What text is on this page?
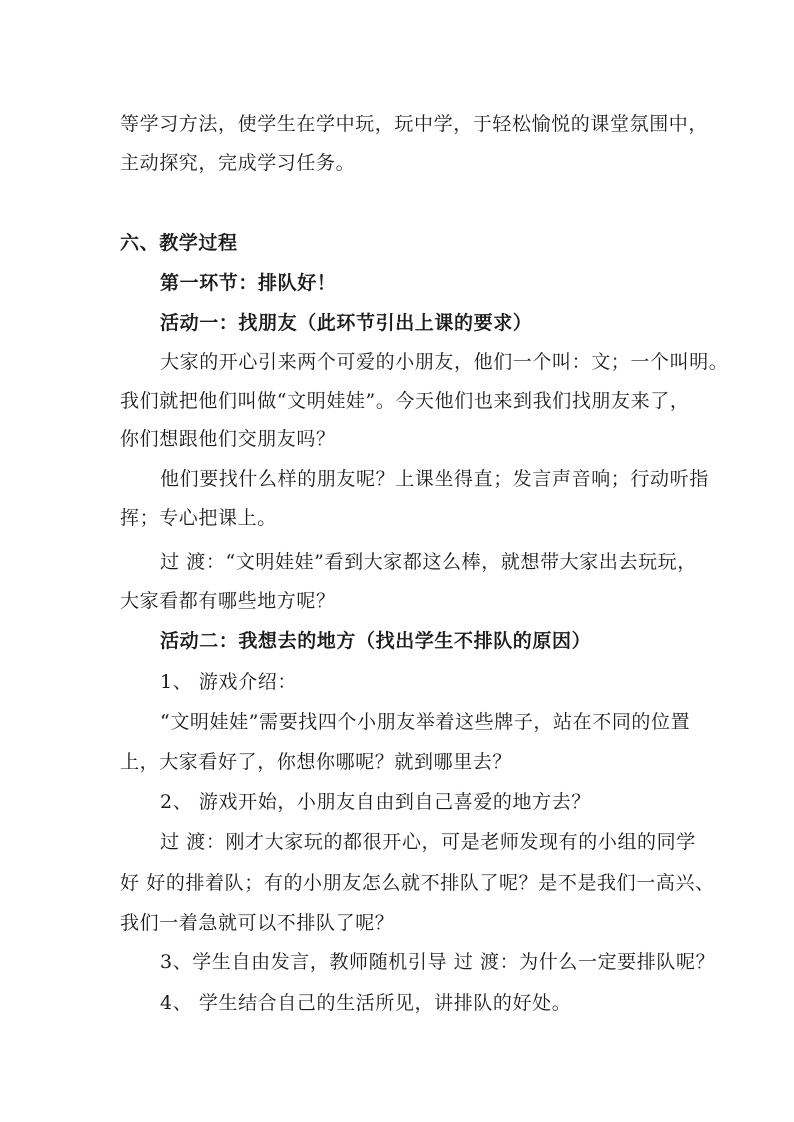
等学习方法，使学生在学中玩，玩中学，于轻松愉悦的课堂氛围中，
主动探究，完成学习任务。
六、教学过程
第一环节：排队好！
活动一：找朋友（此环节引出上课的要求）
大家的开心引来两个可爱的小朋友，他们一个叫：文；一个叫明。
我们就把他们叫做“文明娃娃”。今天他们也来到我们找朋友来了，
你们想跟他们交朋友吗？
他们要找什么样的朋友呢？上课坐得直；发言声音响；行动听指
挥；专心把课上。
过 渡：“文明娃娃”看到大家都这么棒，就想带大家出去玩玩，
大家看都有哪些地方呢？
活动二：我想去的地方（找出学生不排队的原因）
1、 游戏介绍：
“文明娃娃”需要找四个小朋友举着这些牌子，站在不同的位置
上，大家看好了，你想你哪呢？就到哪里去？
2、 游戏开始，小朋友自由到自己喜爱的地方去？
过 渡：刚才大家玩的都很开心，可是老师发现有的小组的同学
好 好的排着队；有的小朋友怎么就不排队了呢？是不是我们一高兴、
我们一着急就可以不排队了呢？
3、学生自由发言，教师随机引导 过 渡：为什么一定要排队呢？
4、 学生结合自己的生活所见，讲排队的好处。
